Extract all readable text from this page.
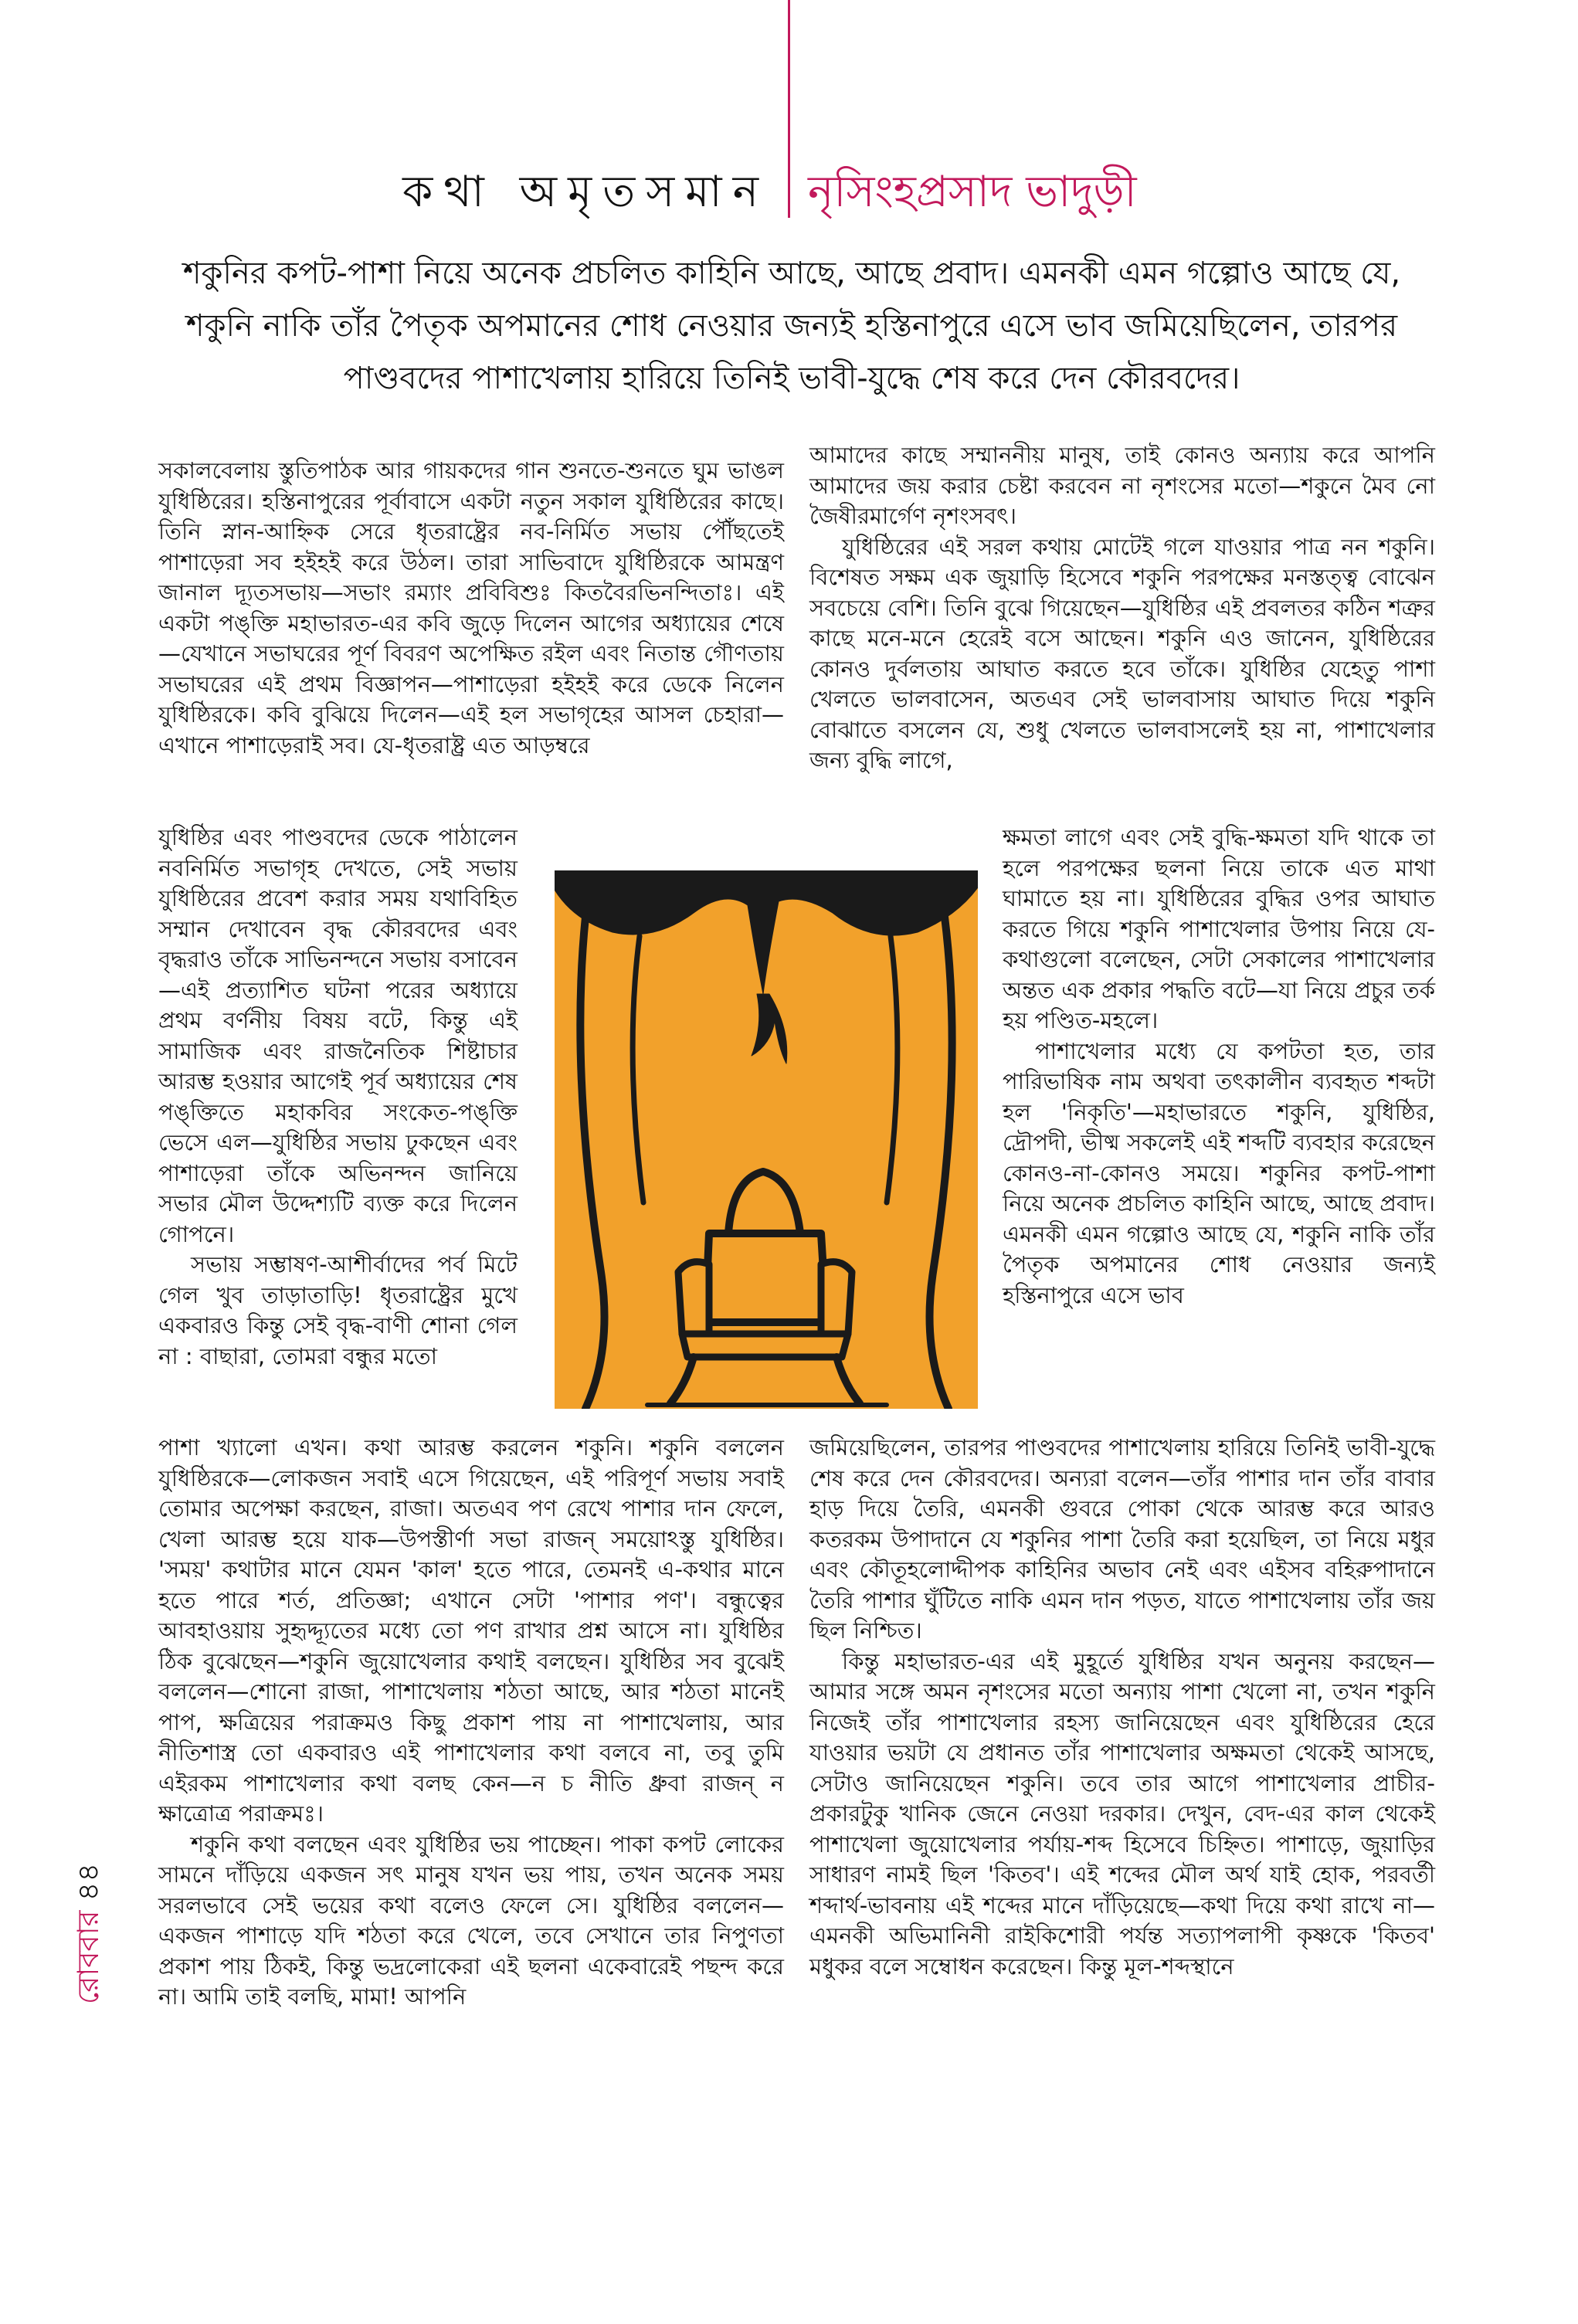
কথা অমৃতসমান নৃসিংহপ্রসাদ ভাদুড়ী
শকুনির কপট-পাশা নিয়ে অনেক প্রচলিত কাহিনি আছে, আছে প্রবাদ। এমনকী এমন গল্পোও আছে যে,
শকুনি নাকি তাঁর পৈতৃক অপমানের শোধ নেওয়ার জন্যই হস্তিনাপুরে এসে ভাব জমিয়েছিলেন, তারপর
পাণ্ডবদের পাশাখেলায় হারিয়ে তিনিই ভাবী-যুদ্ধে শেষ করে দেন কৌরবদের।

সকালবেলায় স্তুতিপাঠক আর গায়কদের গান শুনতে-শুনতে ঘুম ভাঙল যুধিষ্ঠিরের। হস্তিনাপুরের পূর্বাবাসে একটা নতুন সকাল যুধিষ্ঠিরের কাছে। তিনি স্নান-আহ্নিক সেরে ধৃতরাষ্ট্রের নব-নির্মিত সভায় পৌঁছতেই পাশাড়েরা সব হইহই করে উঠল। তারা সাভিবাদে যুধিষ্ঠিরকে আমন্ত্রণ জানাল দ্যূতসভায়—সভাং রম্যাং প্রবিবিশুঃ কিতবৈরভিনন্দিতাঃ। এই একটা পঙ্‌ক্তি মহাভারত-এর কবি জুড়ে দিলেন আগের অধ্যায়ের শেষে—যেখানে সভাঘরের পূর্ণ বিবরণ অপেক্ষিত রইল এবং নিতান্ত গৌণতায় সভাঘরের এই প্রথম বিজ্ঞাপন—পাশাড়েরা হইহই করে ডেকে নিলেন যুধিষ্ঠিরকে। কবি বুঝিয়ে দিলেন—এই হল সভাগৃহের আসল চেহারা—এখানে পাশাড়েরাই সব। যে-ধৃতরাষ্ট্র এত আড়ম্বরে

যুধিষ্ঠির এবং পাণ্ডবদের ডেকে পাঠালেন নবনির্মিত সভাগৃহ দেখতে, সেই সভায় যুধিষ্ঠিরের প্রবেশ করার সময় যথাবিহিত সম্মান দেখাবেন বৃদ্ধ কৌরবদের এবং বৃদ্ধরাও তাঁকে সাভিনন্দনে সভায় বসাবেন—এই প্রত্যাশিত ঘটনা পরের অধ্যায়ে প্রথম বর্ণনীয় বিষয় বটে, কিন্তু এই সামাজিক এবং রাজনৈতিক শিষ্টাচার আরম্ভ হওয়ার আগেই পূর্ব অধ্যায়ের শেষ পঙ্‌ক্তিতে মহাকবির সংকেত-পঙ্‌ক্তি ভেসে এল—যুধিষ্ঠির সভায় ঢুকছেন এবং পাশাড়েরা তাঁকে অভিনন্দন জানিয়ে সভার মৌল উদ্দেশ্যটি ব্যক্ত করে দিলেন গোপনে।

সভায় সম্ভাষণ-আশীর্বাদের পর্ব মিটে গেল খুব তাড়াতাড়ি! ধৃতরাষ্ট্রের মুখে একবারও কিন্তু সেই বৃদ্ধ-বাণী শোনা গেল না : বাছারা, তোমরা বন্ধুর মতো

পাশা খ্যালো এখন। কথা আরম্ভ করলেন শকুনি। শকুনি বললেন যুধিষ্ঠিরকে—লোকজন সবাই এসে গিয়েছেন, এই পরিপূর্ণ সভায় সবাই তোমার অপেক্ষা করছেন, রাজা। অতএব পণ রেখে পাশার দান ফেলে, খেলা আরম্ভ হয়ে যাক—উপস্তীর্ণা সভা রাজন্‌ সময়োঽস্তু যুধিষ্ঠির। 'সময়' কথাটার মানে যেমন 'কাল' হতে পারে, তেমনই এ-কথার মানে হতে পারে শর্ত, প্রতিজ্ঞা; এখানে সেটা 'পাশার পণ'। বন্ধুত্বের আবহাওয়ায় সুহৃদ্দ্যূতের মধ্যে তো পণ রাখার প্রশ্ন আসে না। যুধিষ্ঠির ঠিক বুঝেছেন—শকুনি জুয়োখেলার কথাই বলছেন। যুধিষ্ঠির সব বুঝেই বললেন—শোনো রাজা, পাশাখেলায় শঠতা আছে, আর শঠতা মানেই পাপ, ক্ষত্রিয়ের পরাক্রমও কিছু প্রকাশ পায় না পাশাখেলায়, আর নীতিশাস্ত্র তো একবারও এই পাশাখেলার কথা বলবে না, তবু তুমি এইরকম পাশাখেলার কথা বলছ কেন—ন চ নীতি ধ্রুবা রাজন্‌ ন ক্ষাত্রোত্র পরাক্রমঃ।

শকুনি কথা বলছেন এবং যুধিষ্ঠির ভয় পাচ্ছেন। পাকা কপট লোকের সামনে দাঁড়িয়ে একজন সৎ মানুষ যখন ভয় পায়, তখন অনেক সময় সরলভাবে সেই ভয়ের কথা বলেও ফেলে সে। যুধিষ্ঠির বললেন—একজন পাশাড়ে যদি শঠতা করে খেলে, তবে সেখানে তার নিপুণতা প্রকাশ পায় ঠিকই, কিন্তু ভদ্রলোকেরা এই ছলনা একেবারেই পছন্দ করে না। আমি তাই বলছি, মামা! আপনি

আমাদের কাছে সম্মাননীয় মানুষ, তাই কোনও অন্যায় করে আপনি আমাদের জয় করার চেষ্টা করবেন না নৃশংসের মতো—শকুনে মৈব নো জৈষীরমার্গেণ নৃশংসবৎ।

যুধিষ্ঠিরের এই সরল কথায় মোটেই গলে যাওয়ার পাত্র নন শকুনি। বিশেষত সক্ষম এক জুয়াড়ি হিসেবে শকুনি পরপক্ষের মনস্তত্ত্ব বোঝেন সবচেয়ে বেশি। তিনি বুঝে গিয়েছেন—যুধিষ্ঠির এই প্রবলতর কঠিন শত্রুর কাছে মনে-মনে হেরেই বসে আছেন। শকুনি এও জানেন, যুধিষ্ঠিরের কোনও দুর্বলতায় আঘাত করতে হবে তাঁকে। যুধিষ্ঠির যেহেতু পাশা খেলতে ভালবাসেন, অতএব সেই ভালবাসায় আঘাত দিয়ে শকুনি বোঝাতে বসলেন যে, শুধু খেলতে ভালবাসলেই হয় না, পাশাখেলার জন্য বুদ্ধি লাগে,

ক্ষমতা লাগে এবং সেই বুদ্ধি-ক্ষমতা যদি থাকে তা হলে পরপক্ষের ছলনা নিয়ে তাকে এত মাথা ঘামাতে হয় না। যুধিষ্ঠিরের বুদ্ধির ওপর আঘাত করতে গিয়ে শকুনি পাশাখেলার উপায় নিয়ে যে-কথাগুলো বলেছেন, সেটা সেকালের পাশাখেলার অন্তত এক প্রকার পদ্ধতি বটে—যা নিয়ে প্রচুর তর্ক হয় পণ্ডিত-মহলে।

পাশাখেলার মধ্যে যে কপটতা হত, তার পারিভাষিক নাম অথবা তৎকালীন ব্যবহৃত শব্দটা হল 'নিকৃতি'—মহাভারতে শকুনি, যুধিষ্ঠির, দ্রৌপদী, ভীষ্ম সকলেই এই শব্দটি ব্যবহার করেছেন কোনও-না-কোনও সময়ে। শকুনির কপট-পাশা নিয়ে অনেক প্রচলিত কাহিনি আছে, আছে প্রবাদ। এমনকী এমন গল্পোও আছে যে, শকুনি নাকি তাঁর পৈতৃক অপমানের শোধ নেওয়ার জন্যই হস্তিনাপুরে এসে ভাব

জমিয়েছিলেন, তারপর পাণ্ডবদের পাশাখেলায় হারিয়ে তিনিই ভাবী-যুদ্ধে শেষ করে দেন কৌরবদের। অন্যরা বলেন—তাঁর পাশার দান তাঁর বাবার হাড় দিয়ে তৈরি, এমনকী গুবরে পোকা থেকে আরম্ভ করে আরও কতরকম উপাদানে যে শকুনির পাশা তৈরি করা হয়েছিল, তা নিয়ে মধুর এবং কৌতূহলোদ্দীপক কাহিনির অভাব নেই এবং এইসব বহিরুপাদানে তৈরি পাশার ঘুঁটিতে নাকি এমন দান পড়ত, যাতে পাশাখেলায় তাঁর জয় ছিল নিশ্চিত।

কিন্তু মহাভারত-এর এই মুহূর্তে যুধিষ্ঠির যখন অনুনয় করছেন—আমার সঙ্গে অমন নৃশংসের মতো অন্যায় পাশা খেলো না, তখন শকুনি নিজেই তাঁর পাশাখেলার রহস্য জানিয়েছেন এবং যুধিষ্ঠিরের হেরে যাওয়ার ভয়টা যে প্রধানত তাঁর পাশাখেলার অক্ষমতা থেকেই আসছে, সেটাও জানিয়েছেন শকুনি। তবে তার আগে পাশাখেলার প্রাচীর-প্রকারটুকু খানিক জেনে নেওয়া দরকার। দেখুন, বেদ-এর কাল থেকেই পাশাখেলা জুয়োখেলার পর্যায়-শব্দ হিসেবে চিহ্নিত। পাশাড়ে, জুয়াড়ির সাধারণ নামই ছিল 'কিতব'। এই শব্দের মৌল অর্থ যাই হোক, পরবর্তী শব্দার্থ-ভাবনায় এই শব্দের মানে দাঁড়িয়েছে—কথা দিয়ে কথা রাখে না—এমনকী অভিমানিনী রাইকিশোরী পর্যন্ত সত্যাপলাপী কৃষ্ণকে 'কিতব' মধুকর বলে সম্বোধন করেছেন। কিন্তু মূল-শব্দস্থানে

রোববার ৪৪
